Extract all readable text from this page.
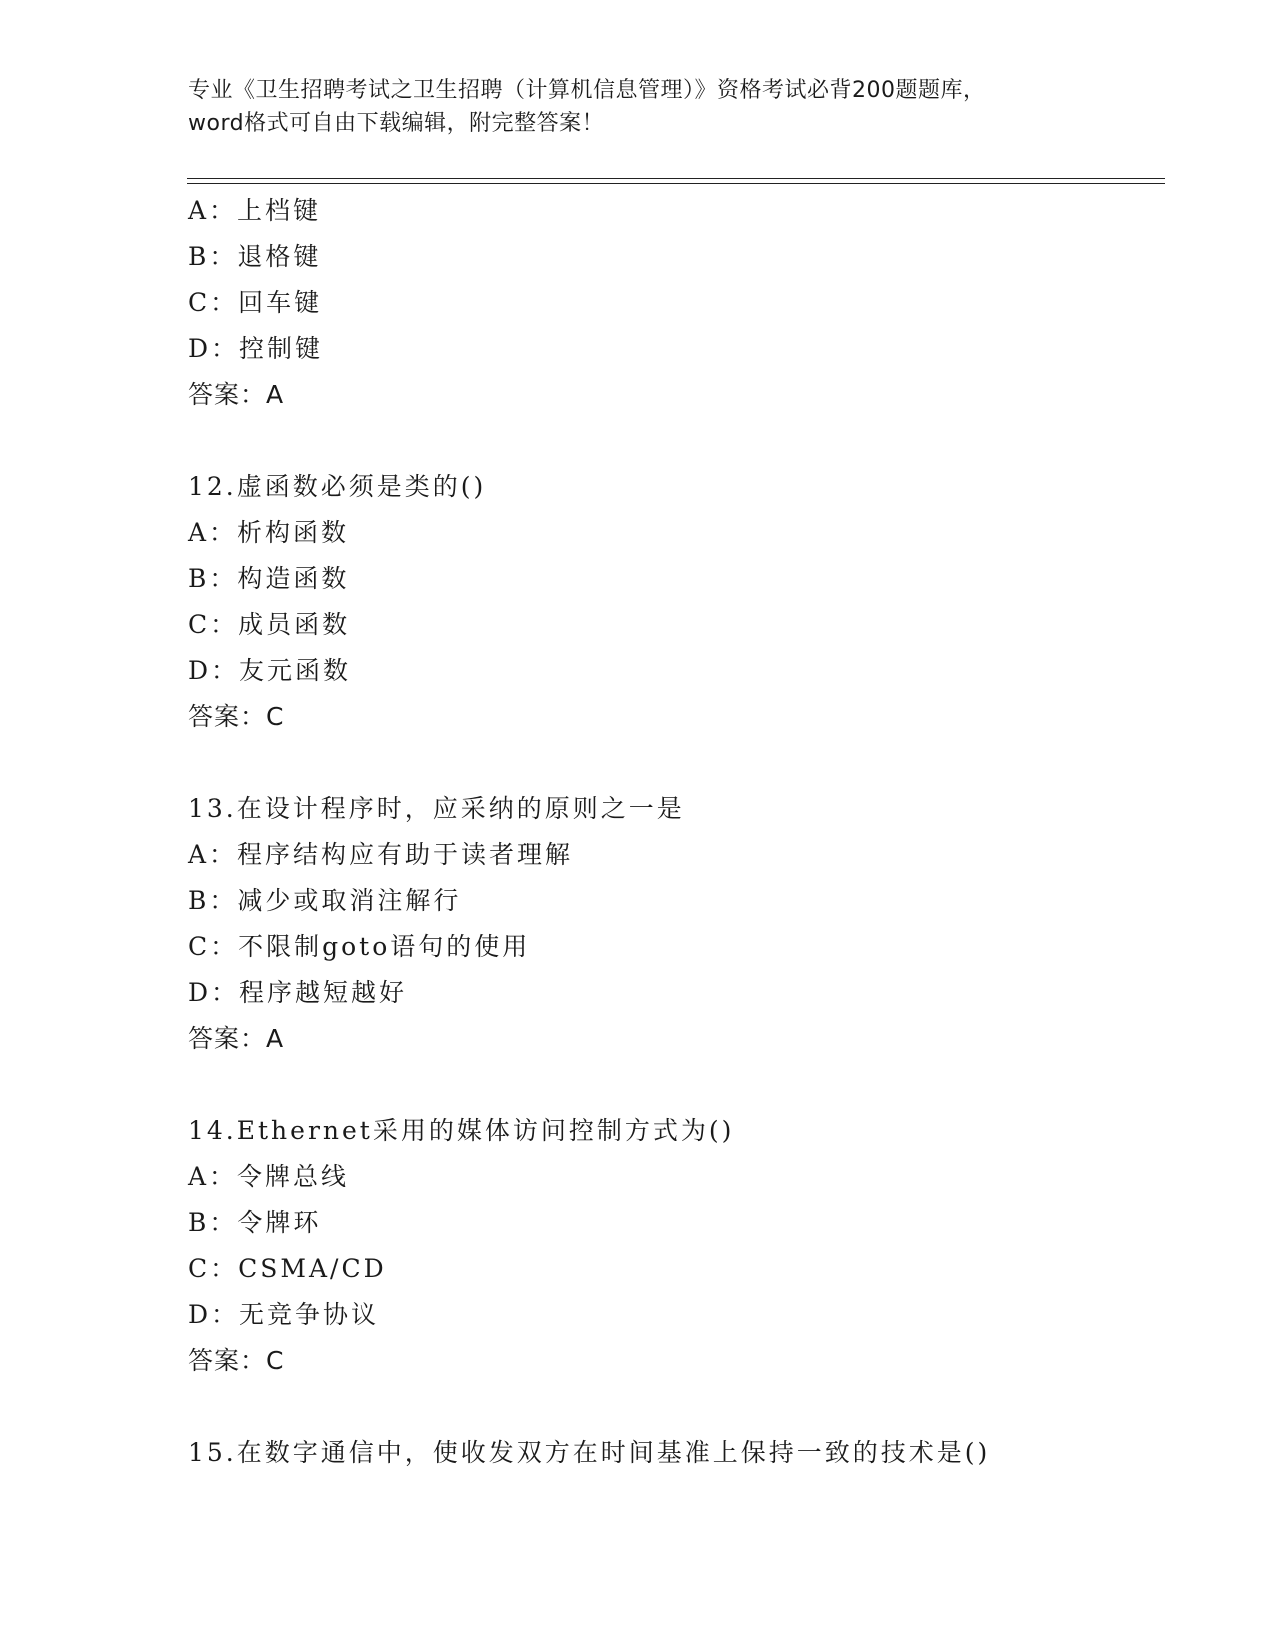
专业《卫生招聘考试之卫生招聘（计算机信息管理）》资格考试必背200题题库，
word格式可自由下载编辑，附完整答案！
A：上档键
B：退格键
C：回车键
D：控制键
答案：A
12.虚函数必须是类的()
A：析构函数
B：构造函数
C：成员函数
D：友元函数
答案：C
13.在设计程序时，应采纳的原则之一是
A：程序结构应有助于读者理解
B：减少或取消注解行
C：不限制goto语句的使用
D：程序越短越好
答案：A
14.Ethernet采用的媒体访问控制方式为()
A：令牌总线
B：令牌环
C：CSMA/CD
D：无竞争协议
答案：C
15.在数字通信中，使收发双方在时间基准上保持一致的技术是()
